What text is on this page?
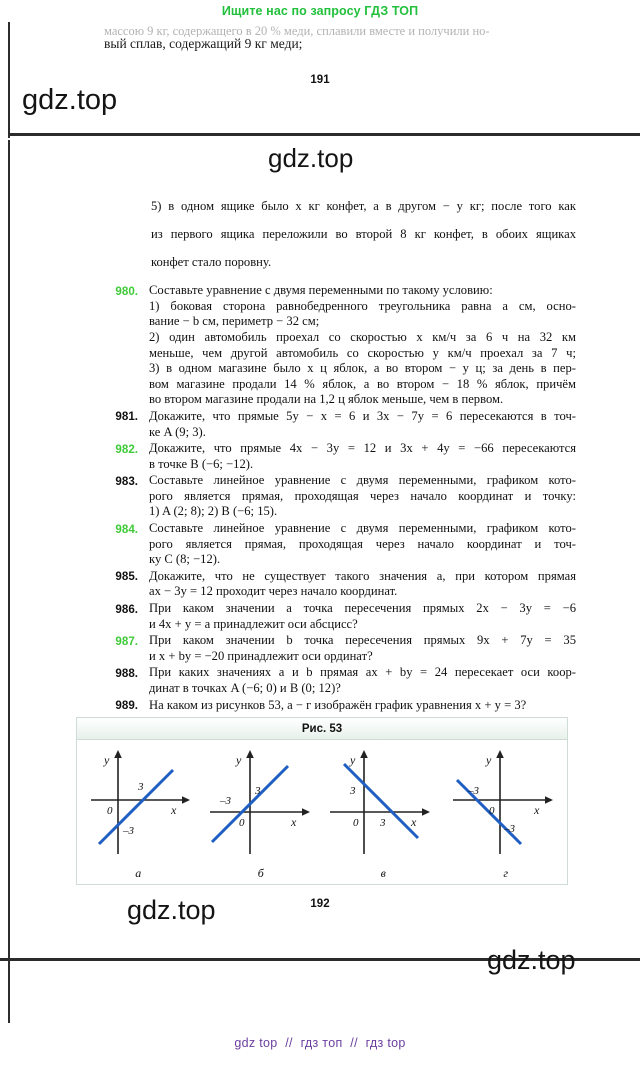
Ищите нас по запросу ГДЗ ТОП
массою 9 кг, содержащего в 20 % меди, сплавили вместе и получили но-
вый сплав, содержащий 9 кг меди;
191
gdz.top
gdz.top
gdz.top
gdz.top

5) в одном ящике было x кг конфет, а в другом − y кг; после того как

из первого ящика переложили во второй 8 кг конфет, в обоих ящиках

конфет стало поровну.

980. Составьте уравнение с двумя переменными по такому условию:

1) боковая сторона равнобедренного треугольника равна a см, осно-

вание − b см, периметр − 32 см;

2) один автомобиль проехал со скоростью x км/ч за 6 ч на 32 км

меньше, чем другой автомобиль со скоростью y км/ч проехал за 7 ч;

3) в одном магазине было x ц яблок, а во втором − y ц; за день в пер-

вом магазине продали 14 % яблок, а во втором − 18 % яблок, причём

во втором магазине продали на 1,2 ц яблок меньше, чем в первом.

981. Докажите, что прямые 5y − x = 6 и 3x − 7y = 6 пересекаются в точ-

ке A (9; 3).

982. Докажите, что прямые 4x − 3y = 12 и 3x + 4y = −66 пересекаются

в точке B (−6; −12).

983. Составьте линейное уравнение с двумя переменными, графиком кото-

рого является прямая, проходящая через начало координат и точку:

1) A (2; 8); 2) B (−6; 15).

984. Составьте линейное уравнение с двумя переменными, графиком кото-

рого является прямая, проходящая через начало координат и точ-

ку C (8; −12).

985. Докажите, что не существует такого значения a, при котором прямая

ax − 3y = 12 проходит через начало координат.

986. При каком значении a точка пересечения прямых 2x − 3y = −6

и 4x + y = a принадлежит оси абсцисс?

987. При каком значении b точка пересечения прямых 9x + 7y = 35

и x + by = −20 принадлежит оси ординат?

988. При каких значениях a и b прямая ax + by = 24 пересекает оси коор-

динат в точках A (−6; 0) и B (0; 12)?

989. На каком из рисунков 53, a − г изображён график уравнения x + y = 3?

Рис. 53
3
–3
0	x
y
а
–3
3
0	x
y
б
3
3
0	x
y
в
–3
–3
0	x
y
г
192
gdz top // гдз топ // гдз top
